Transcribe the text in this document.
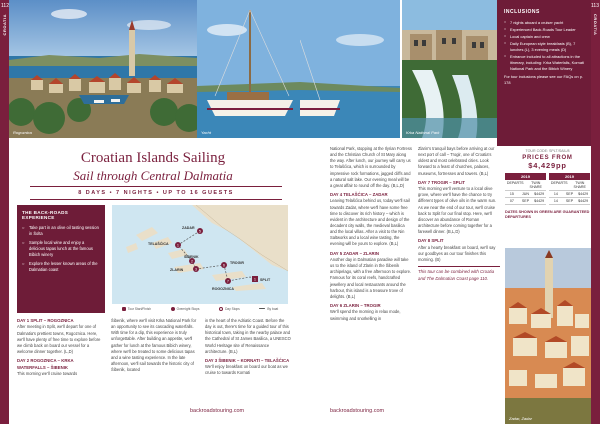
112
CROATIA
Rogoznica	Yacht
Croatian Islands Sailing
Sail through Central Dalmatia
8 DAYS • 7 NIGHTS • UP TO 16 GUESTS
THE BACK-ROADS EXPERIENCE
○ Take part in an olive oil tasting session in Šolta
○ Sample local wine and enjoy a delicious tapas lunch at the famous Bibich winery
○ Explore the lesser known areas of the Dalmatian coast
5
1
2
3
6
7	1
ZADAR
TELAŠĆICA
ŠIBENIK
ZLARIN
TROGIR
ROGOZNICA
SPLIT
Tour Start/Finish	Overnight Stops	Day Stops	By boat

DAY 1 SPLIT – ROGOZNICA
After meeting in Split, we'll depart for one of Dalmatia's prettiest towns, Rogoznica. Here, we'll have plenty of free time to explore before we climb back on board our vessel for a welcome dinner together. (L,D)

DAY 2 ROGOZNICA – KRKA WATERFALLS – ŠIBENIK
This morning we'll cruise towards

Šibenik, where we'll visit Krka National Park for an opportunity to see its cascading waterfalls. With time for a dip, this experience is truly unforgettable. After building an appetite, we'll gather for lunch at the famous Bibich winery, where we'll be treated to some delicious tapas and a wine tasting experience. In the late afternoon, we'll sail towards the historic city of Šibenik, located

in the heart of the Adriatic Coast. Before the day is out, there's time for a guided tour of this historical town, taking in the nearby palace and the Cathedral of St James Basilica, a UNESCO World Heritage site of Renaissance architecture. (B,L)

DAY 3 ŠIBENIK – KORNATI – TELAŠĆICA
We'll enjoy breakfast on board our boat as we cruise to towards Kornati

backroadstouring.com
113
CROATIA
Krka National Park
INCLUSIONS
○ 7 nights aboard a cruiser yacht
○ Experienced Back-Roads Tour Leader
○ Local captain and crew
○ Daily European style breakfasts (B), 7 lunches (L), 3 evening meals (D)
○ Entrance included to all attractions in the itinerary, including: Krka Waterfalls, Kornati National Park and the Bibich Winery
For tour inclusions please see our FAQs on p. 178

National Park, stopping at the Ilyrian Fortress and the Christian Church of St Mary along the way. After lunch, our journey will carry us to Telašćica, which is surrounded by impressive rock formations, jagged cliffs and a natural salt lake. Our evening meal will be a great affair to round off the day. (B,L,D)

DAY 4 TELAŠĆICA – ZADAR
Leaving Telašćica behind us, today we'll sail towards Zadar, where we'll have some free time to discover its rich history – which is evident in the architecture and design of the decadent city walls, the medieval basilica and the local villas. After a visit to the Nin Saltworks and a local wine tasting, the evening will be yours to explore. (B,L)

DAY 5 ZADAR – ZLARIN
Another day in Dalmatian paradise will take us to the island of Zlarin in the Šibenik archipelago, with a free afternoon to explore. Famous for its coral reefs, handcrafted jewellery and local restaurants around the harbour, this island is a treasure trove of delights. (B,L)

DAY 6 ZLARIN – TROGIR
We'll spend the morning in relax mode, swimming and snorkelling in

Zlarin's tranquil bays before arriving at our next port of call – Trogir, one of Croatia's oldest and most celebrated cities. Look forward to a feast of churches, palaces, museums, fortresses and towers. (B,L)

DAY 7 TROGIR – SPLIT
This morning we'll venture to a local olive grove, where we'll have the chance to try different types of olive oils in the warm sun. As we near the end of our tour, we'll cruise back to Split for our final stop. Here, we'll discover an abundance of Roman architecture before coming together for a farewell dinner. (B,L,D)

DAY 8 SPLIT
After a hearty breakfast on board, we'll say our goodbyes as our tour finishes this morning. (B)

This tour can be combined with Croatia and The Dalmatian Coast page 110.
TOUR CODE: SPLT/SAIL/8
PRICES FROM
$4,429pp
2019
DEPARTS	TWIN SHARE
15	JUN	$4429
07	SEP	$4429
2019
DEPARTS	TWIN SHARE
14	SEP	$4429
14	SEP	$4429
DATES SHOWN IN GREEN ARE GUARANTEED DEPARTURES
Zadar, Zadar
backroadstouring.com
